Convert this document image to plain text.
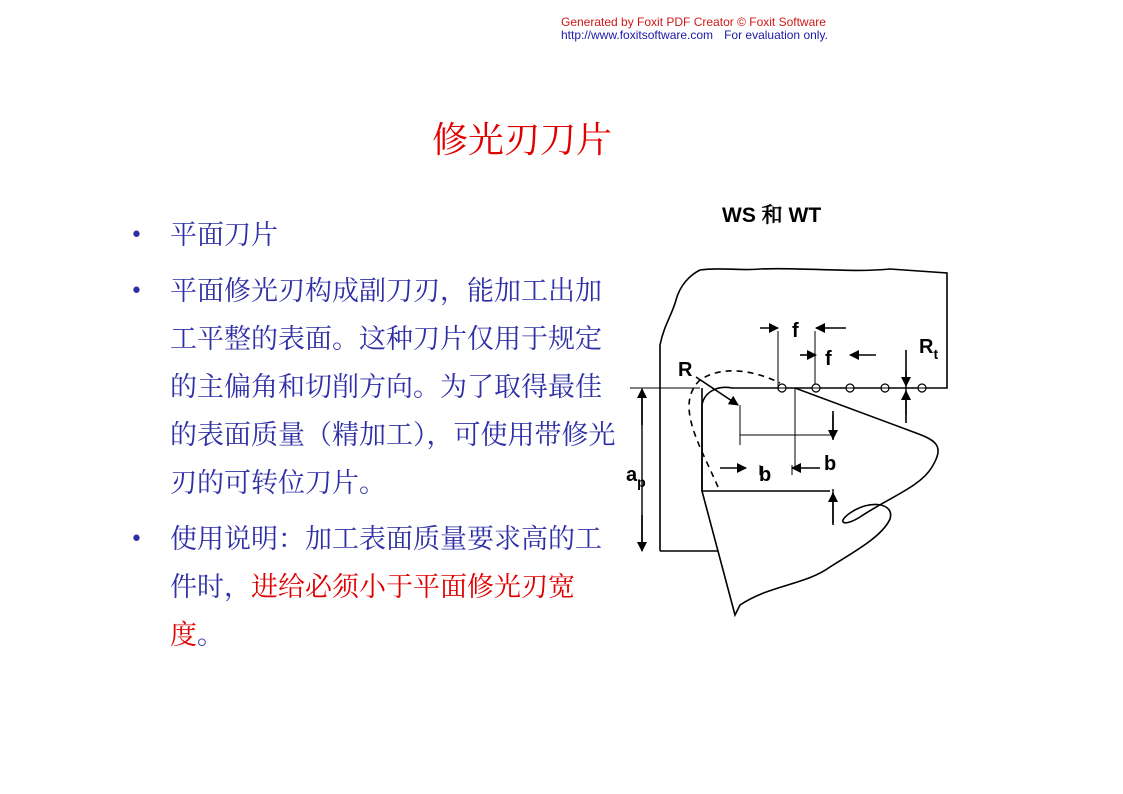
Generated by Foxit PDF Creator © Foxit Software
http://www.foxitsoftware.com For evaluation only.
修光刃刀片
• 平面刀片
• 平面修光刃构成副刀刃，能加工出加工平整的表面。这种刀片仅用于规定的主偏角和切削方向。为了取得最佳的表面质量（精加工），可使用带修光刃的可转位刀片。
• 使用说明：加工表面质量要求高的工件时，进给必须小于平面修光刃宽度。
WS 和 WT
f
f
$R_t$
R
$a_p$	b	b
